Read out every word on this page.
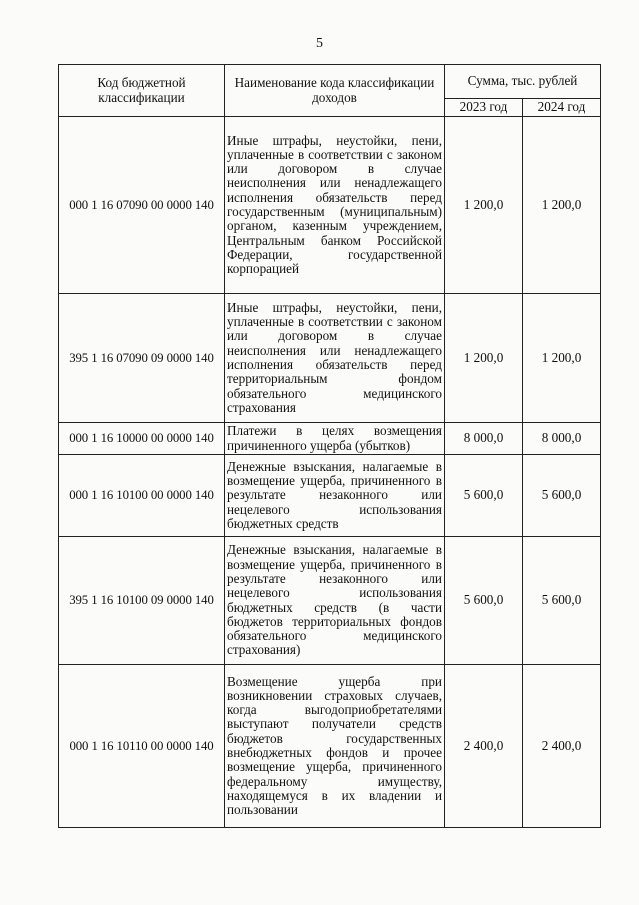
5
Код бюджетной классификации	Наименование кода классификации доходов	Сумма, тыс. рублей	
		2023 год	2024 год
000 1 16 07090 00 0000 140	Иные штрафы, неустойки, пени, уплаченные в соответствии с законом или договором в случае неисполнения или ненадлежащего исполнения обязательств перед государственным (муниципальным) органом, казенным учреждением, Центральным банком Российской Федерации, государственной корпорацией	1 200,0	1 200,0
395 1 16 07090 09 0000 140	Иные штрафы, неустойки, пени, уплаченные в соответствии с законом или договором в случае неисполнения или ненадлежащего исполнения обязательств перед территориальным фондом обязательного медицинского страхования	1 200,0	1 200,0
000 1 16 10000 00 0000 140	Платежи в целях возмещения причиненного ущерба (убытков)	8 000,0	8 000,0
000 1 16 10100 00 0000 140	Денежные взыскания, налагаемые в возмещение ущерба, причиненного в результате незаконного или нецелевого использования бюджетных средств	5 600,0	5 600,0
395 1 16 10100 09 0000 140	Денежные взыскания, налагаемые в возмещение ущерба, причиненного в результате незаконного или нецелевого использования бюджетных средств (в части бюджетов территориальных фондов обязательного медицинского страхования)	5 600,0	5 600,0
000 1 16 10110 00 0000 140	Возмещение ущерба при возникновении страховых случаев, когда выгодоприобретателями выступают получатели средств бюджетов государственных внебюджетных фондов и прочее возмещение ущерба, причиненного федеральному имуществу, находящемуся в их владении и пользовании	2 400,0	2 400,0
